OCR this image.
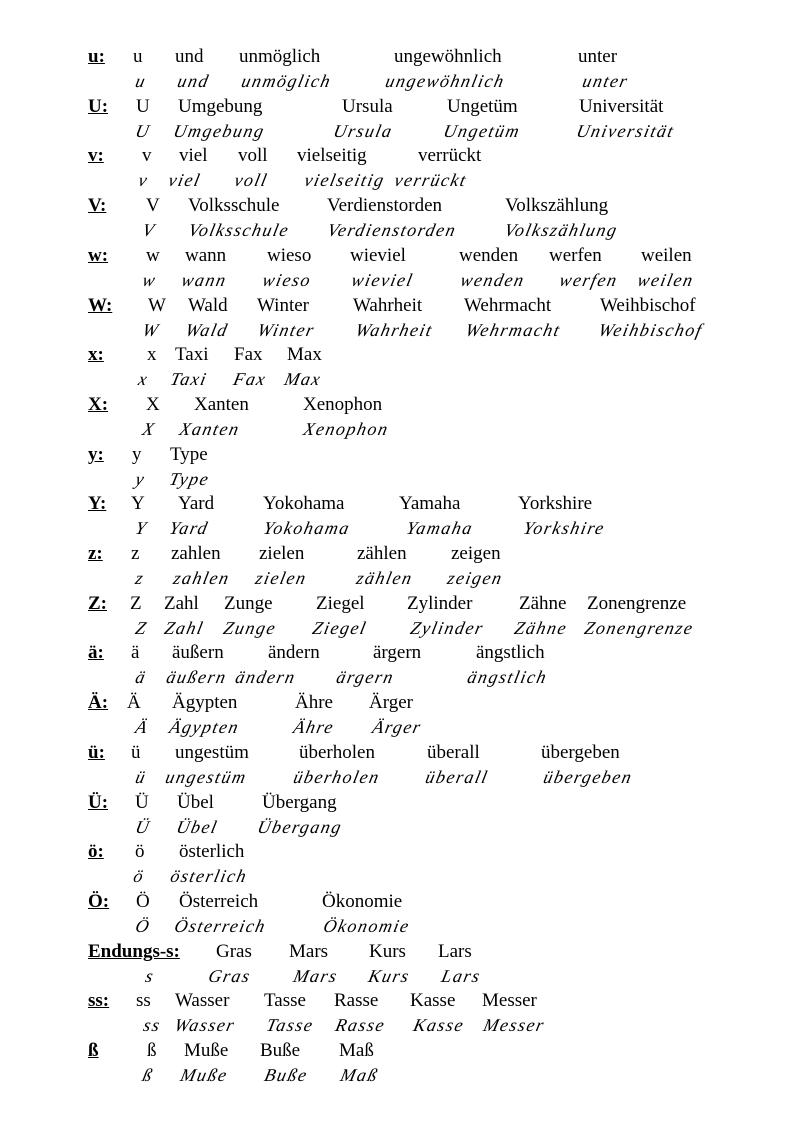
u: u und unmöglich	ungewöhnlich	unter
u und unmöglich	ungewöhnlich	unter
U: U Umgebung	Ursula	Ungetüm	Universität
U Umgebung	Ursula	Ungetüm	Universität
v: v viel voll vielseitig	verrückt
v viel voll vielseitig verrückt
V: V Volksschule	Verdienstorden	Volkszählung
V Volksschule Verdienstorden Volkszählung
w: w wann wieso wieviel	wenden werfen weilen
w wann wieso wieviel wenden werfen weilen
W: W Wald Winter Wahrheit Wehrmacht	Weihbischof
W Wald Winter Wahrheit Wehrmacht Weihbischof
x: x Taxi Fax Max
x Taxi Fax Max
X: X Xanten	Xenophon
X Xanten	Xenophon
y: y Type
y Type
Y: Y Yard	Yokohama	Yamaha	Yorkshire
Y Yard	Yokohama	Yamaha	Yorkshire
z: z zahlen zielen	zählen zeigen
z zahlen zielen	zählen zeigen
Z: Z Zahl Zunge Ziegel Zylinder Zähne Zonengrenze
Z Zahl Zunge Ziegel Zylinder Zähne Zonengrenze
ä: ä äußern ändern	ärgern	ängstlich
ä äußern ändern ärgern	ängstlich
Ä: Ä Ägypten	Ähre Ärger
Ä Ägypten	Ähre Ärger
ü: ü ungestüm	überholen	überall	übergeben
ü ungestüm überholen überall	übergeben
Ü: Ü Übel	Übergang
Ü Übel Übergang
ö: ö österlich
ö österlich
Ö: Ö Österreich	Ökonomie
Ö Österreich	Ökonomie
Endungs-s: Gras Mars Kurs Lars
s	Gras Mars Kurs Lars
ss: ss Wasser Tasse Rasse Kasse Messer
ss Wasser Tasse Rasse Kasse Messer
ß	ß Muße Buße Maß
ß Muße Buße Maß
